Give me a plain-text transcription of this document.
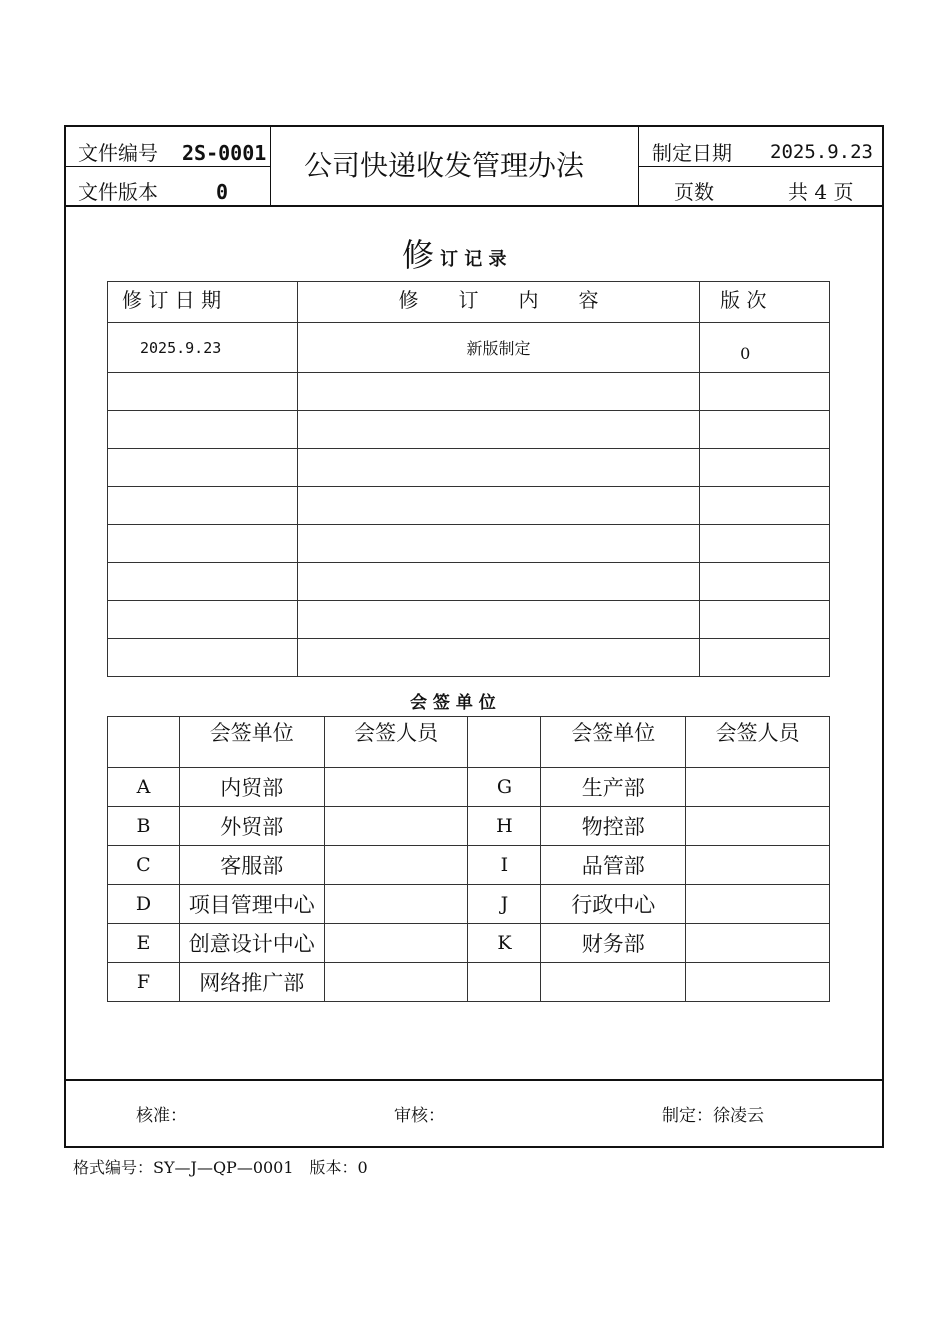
文件编号 2S-0001
文件版本	0
公司快递收发管理办法	制定日期 2025.9.23
页数	共 4 页
修 订 记 录
修 订 日 期	修　　订　　内　　容	版 次
2025.9.23	新版制定	0

会 签 单 位
	会签单位	会签人员		会签单位	会签人员
A	内贸部		G	生产部	
B	外贸部		H	物控部	
C	客服部		I	品管部	
D	项目管理中心		J	行政中心	
E	创意设计中心		K	财务部	
F	网络推广部				
核准：	审核：	制定：徐凌云
格式编号：SY—J—QP—0001　版本：0
